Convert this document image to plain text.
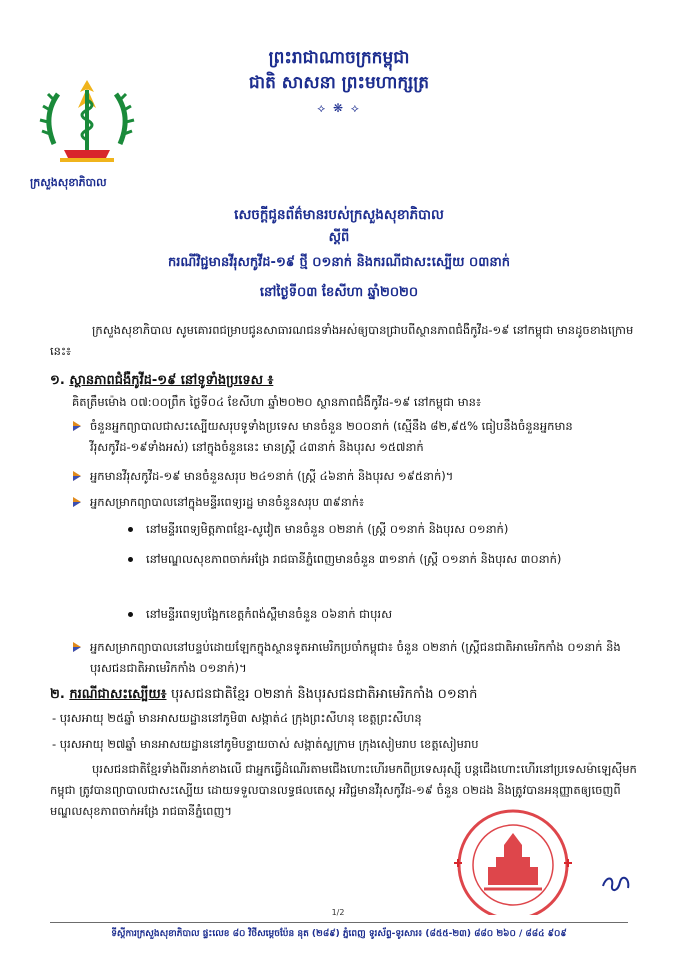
ក្រសួងសុខាភិបាល
ព្រះរាជាណាចក្រកម្ពុជា
ជាតិ សាសនា ព្រះមហាក្សត្រ
⟡ ❋ ⟡
សេចក្តីជូនព័ត៌មានរបស់ក្រសួងសុខាភិបាល
ស្តីពី
ករណីវិជ្ជមានវីរុសកូវីដ-១៩ ថ្មី ០១នាក់ និងករណីជាសះស្បើយ ០៣នាក់
នៅថ្ងៃទី០៣ ខែសីហា ឆ្នាំ២០២០
ក្រសួងសុខាភិបាល សូមគោរពជម្រាបជូនសាធារណជនទាំងអស់ឲ្យបានជ្រាបពីស្ថានភាពជំងឺកូវីដ-១៩ នៅកម្ពុជា មានដូចខាងក្រោមនេះ៖
១. ស្ថានភាពជំងឺកូវីដ-១៩ នៅទូទាំងប្រទេស ៖
គិតត្រឹមម៉ោង ០៧:០០ព្រឹក ថ្ងៃទី០៤ ខែសីហា ឆ្នាំ២០២០ ស្ថានភាពជំងឺកូវីដ-១៩ នៅកម្ពុជា មាន៖
ចំនួនអ្នកព្យាបាលជាសះស្បើយសរុបទូទាំងប្រទេស មានចំនួន ២០០នាក់ (ស្មើនឹង ៨២,៩៥% ធៀបនឹងចំនួនអ្នកមានវីរុសកូវីដ-១៩ទាំងអស់) នៅក្នុងចំនួននេះ មានស្ត្រី ៤៣នាក់ និងបុរស ១៥៧នាក់
អ្នកមានវីរុសកូវីដ-១៩ មានចំនួនសរុប ២៤១នាក់ (ស្ត្រី ៤៦នាក់ និងបុរស ១៩៥នាក់)។
អ្នកសម្រាកព្យាបាលនៅក្នុងមន្ទីរពេទ្យរដ្ឋ មានចំនួនសរុប ៣៩នាក់៖
នៅមន្ទីរពេទ្យមិត្តភាពខ្មែរ-សូវៀត មានចំនួន ០២នាក់ (ស្ត្រី ០១នាក់ និងបុរស ០១នាក់)
នៅមណ្ឌលសុខភាពចាក់អង្រែ រាជធានីភ្នំពេញមានចំនួន ៣១នាក់ (ស្ត្រី ០១នាក់ និងបុរស ៣០នាក់)
នៅមន្ទីរពេទ្យបង្អែកខេត្តកំពង់ស្ពឺមានចំនួន ០៦នាក់ ជាបុរស
អ្នកសម្រាកព្យាបាលនៅបន្ទប់ដោយឡែកក្នុងស្ថានទូតអាមេរិកប្រចាំកម្ពុជា៖ ចំនួន ០២នាក់ (ស្ត្រីជនជាតិអាមេរិកកាំង ០១នាក់ និងបុរសជនជាតិអាមេរិកកាំង ០១នាក់)។
២. ករណីជាសះស្បើយ៖ បុរសជនជាតិខ្មែរ ០២នាក់ និងបុរសជនជាតិអាមេរិកកាំង ០១នាក់
- បុរសអាយុ ២៥ឆ្នាំ មានអាសយដ្ឋាននៅភូមិ៣ សង្កាត់៤ ក្រុងព្រះសីហនុ ខេត្តព្រះសីហនុ
- បុរសអាយុ ២៧ឆ្នាំ មានអាសយដ្ឋាននៅភូមិបន្ទាយចាស់ សង្កាត់ស្លក្រាម ក្រុងសៀមរាប ខេត្តសៀមរាប
បុរសជនជាតិខ្មែរទាំងពីរនាក់ខាងលើ ជាអ្នកធ្វើដំណើរតាមជើងហោះហើរមកពីប្រទេសរុស្ស៊ី បន្តជើងហោះហើរនៅប្រទេសម៉ាឡេស៊ីមកកម្ពុជា ត្រូវបានព្យាបាលជាសះស្បើយ ដោយទទួលបានលទ្ធផលតេស្ត អវិជ្ជមានវីរុសកូវីដ-១៩ ចំនួន ០២ដង និងត្រូវបានអនុញ្ញាតឲ្យចេញពីមណ្ឌលសុខភាពចាក់អង្រែ រាជធានីភ្នំពេញ។
1/2
ទីស្តីការក្រសួងសុខាភិបាល ផ្ទះលេខ ៨០ វិថីសម្តេចប៉ែន នុត (២៨៩) ភ្នំពេញ ទូរស័ព្ទ-ទូរសារ៖ (៨៥៥-២៣) ៨៨០ ២៦០ / ៨៨៤ ៩០៩
